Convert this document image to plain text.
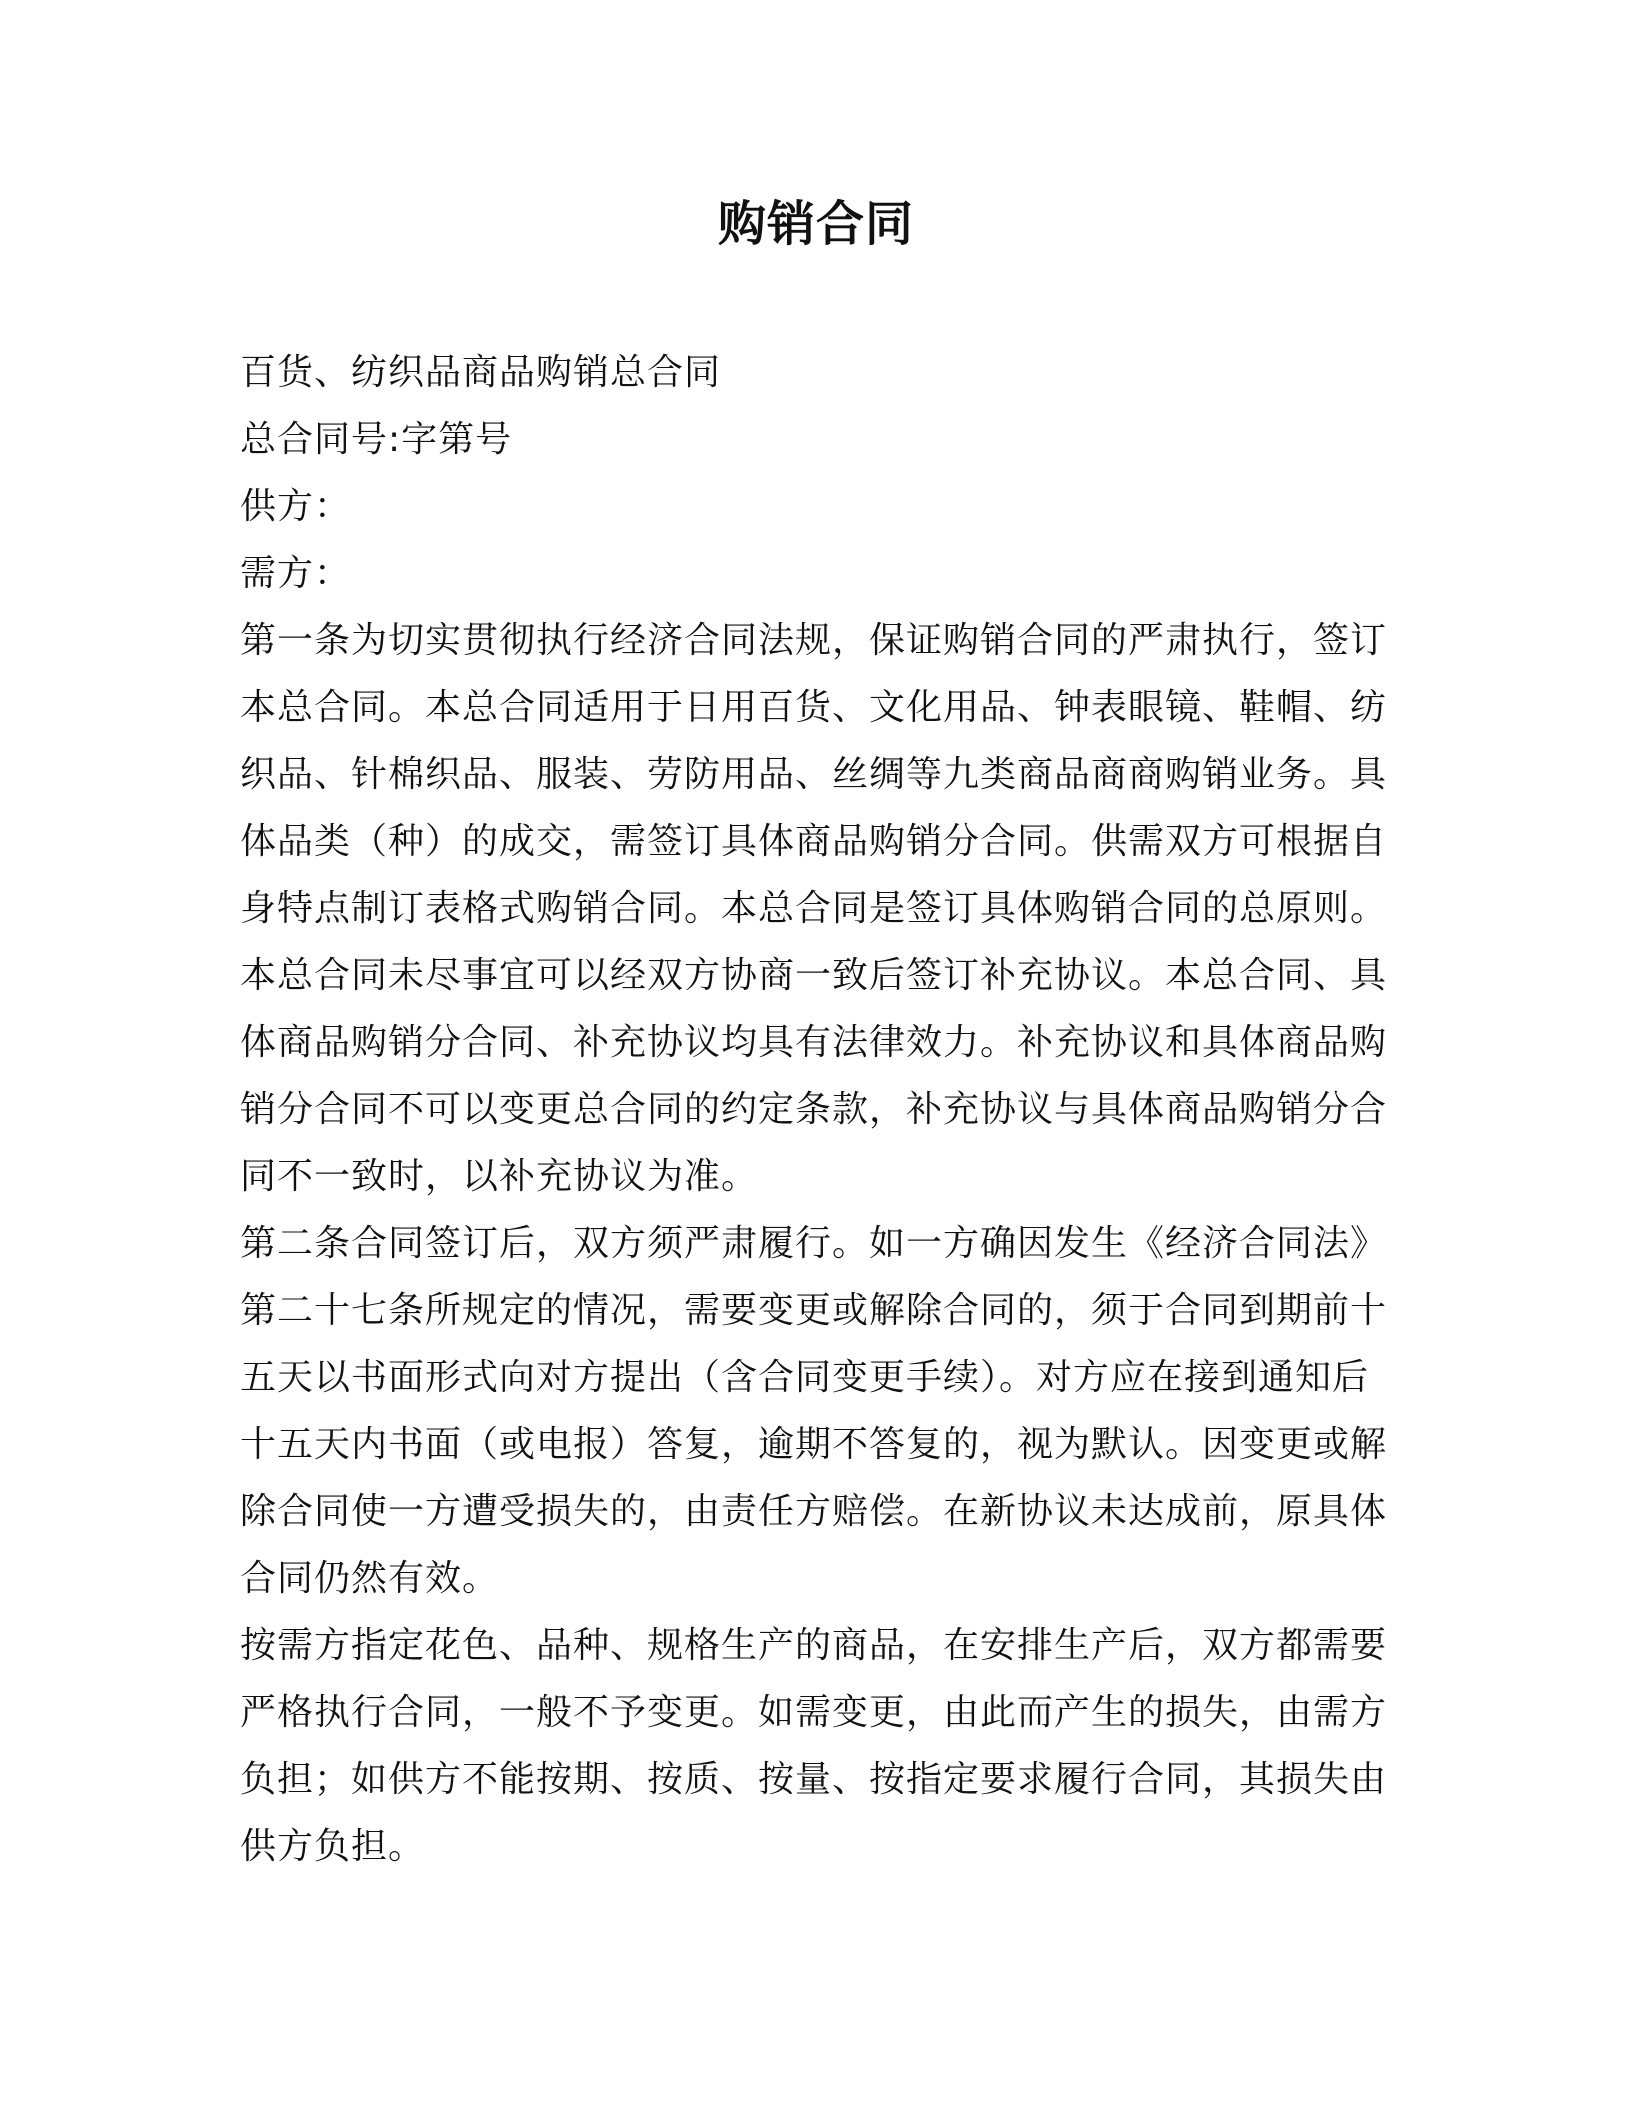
购销合同
百货、纺织品商品购销总合同
总合同号:字第号
供方：
需方：
第一条为切实贯彻执行经济合同法规，保证购销合同的严肃执行，签订
本总合同。本总合同适用于日用百货、文化用品、钟表眼镜、鞋帽、纺
织品、针棉织品、服装、劳防用品、丝绸等九类商品商商购销业务。具
体品类（种）的成交，需签订具体商品购销分合同。供需双方可根据自
身特点制订表格式购销合同。本总合同是签订具体购销合同的总原则。
本总合同未尽事宜可以经双方协商一致后签订补充协议。本总合同、具
体商品购销分合同、补充协议均具有法律效力。补充协议和具体商品购
销分合同不可以变更总合同的约定条款，补充协议与具体商品购销分合
同不一致时，以补充协议为准。
第二条合同签订后，双方须严肃履行。如一方确因发生《经济合同法》
第二十七条所规定的情况，需要变更或解除合同的，须于合同到期前十
五天以书面形式向对方提出（含合同变更手续）。对方应在接到通知后
十五天内书面（或电报）答复，逾期不答复的，视为默认。因变更或解
除合同使一方遭受损失的，由责任方赔偿。在新协议未达成前，原具体
合同仍然有效。
按需方指定花色、品种、规格生产的商品，在安排生产后，双方都需要
严格执行合同，一般不予变更。如需变更，由此而产生的损失，由需方
负担；如供方不能按期、按质、按量、按指定要求履行合同，其损失由
供方负担。
